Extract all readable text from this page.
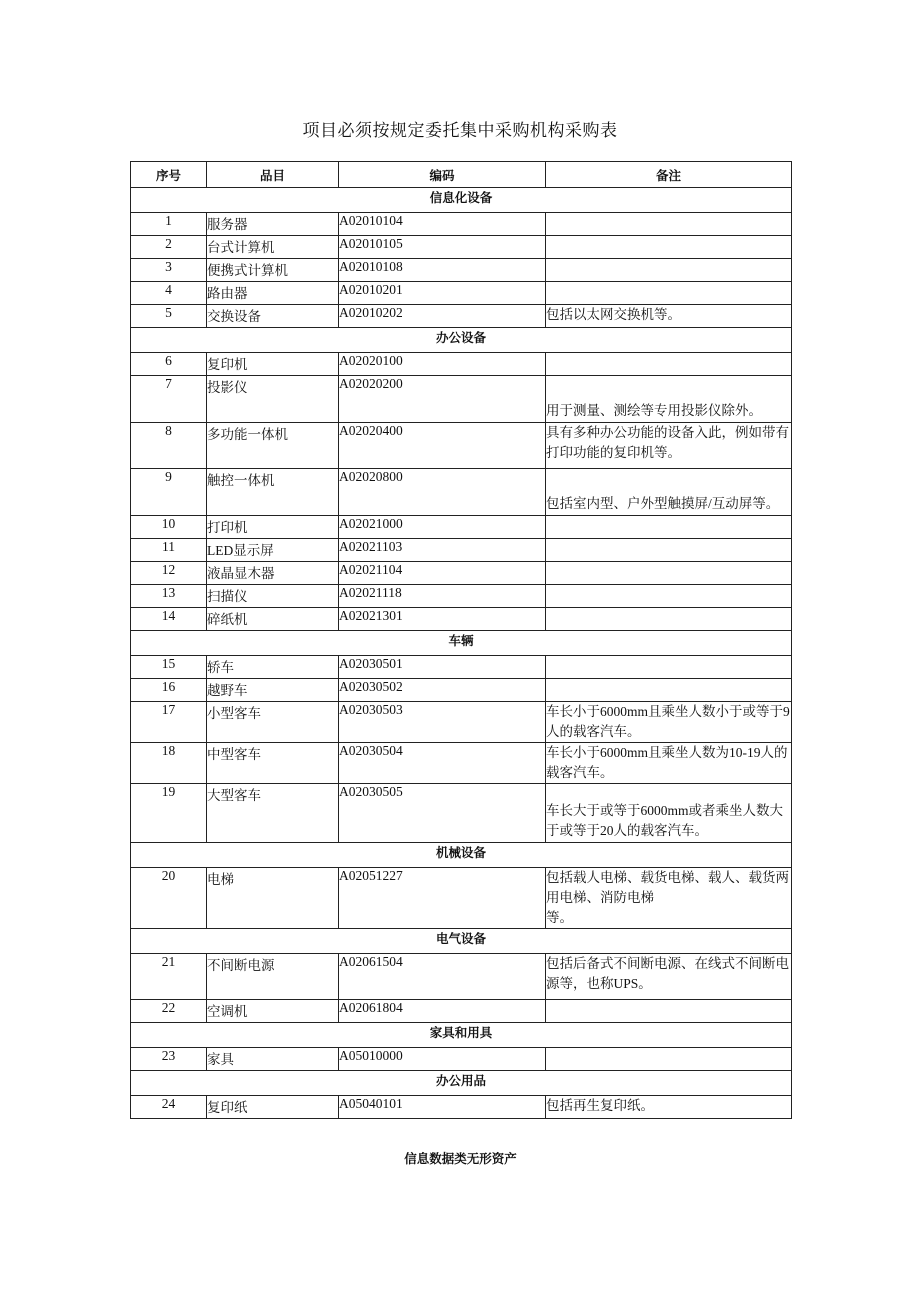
项目必须按规定委托集中采购机构采购表
序号	品目	编码	备注
信息化设备			
1	服务器	A02010104	
2	台式计算机	A02010105	
3	便携式计算机	A02010108	
4	路由器	A02010201	
5	交换设备	A02010202	包括以太网交换机等。
办公设备			
6	复印机	A02020100	
7	投影仪	A02020200	用于测量、测绘等专用投影仪除外。
8	多功能一体机	A02020400	具有多种办公功能的设备入此，例如带有打印功能的复印机等。
9	触控一体机	A02020800	包括室内型、户外型触摸屏/互动屏等。
10	打印机	A02021000	
11	LED显示屏	A02021103	
12	液晶显木器	A02021104	
13	扫描仪	A02021118	
14	碎纸机	A02021301	
车辆			
15	轿车	A02030501	
16	越野车	A02030502	
17	小型客车	A02030503	车长小于6000mm且乘坐人数小于或等于9人的载客汽车。
18	中型客车	A02030504	车长小于6000mm且乘坐人数为10-19人的载客汽车。
19	大型客车	A02030505	车长大于或等于6000mm或者乘坐人数大于或等于20人的载客汽车。
机械设备			
20	电梯	A02051227	包括载人电梯、载货电梯、载人、载货两用电梯、消防电梯
等。
电气设备			
21	不间断电源	A02061504	包括后备式不间断电源、在线式不间断电源等，也称UPS。
22	空调机	A02061804	
家具和用具			
23	家具	A05010000	
办公用品			
24	复印纸	A05040101	包括再生复印纸。
信息数据类无形资产
